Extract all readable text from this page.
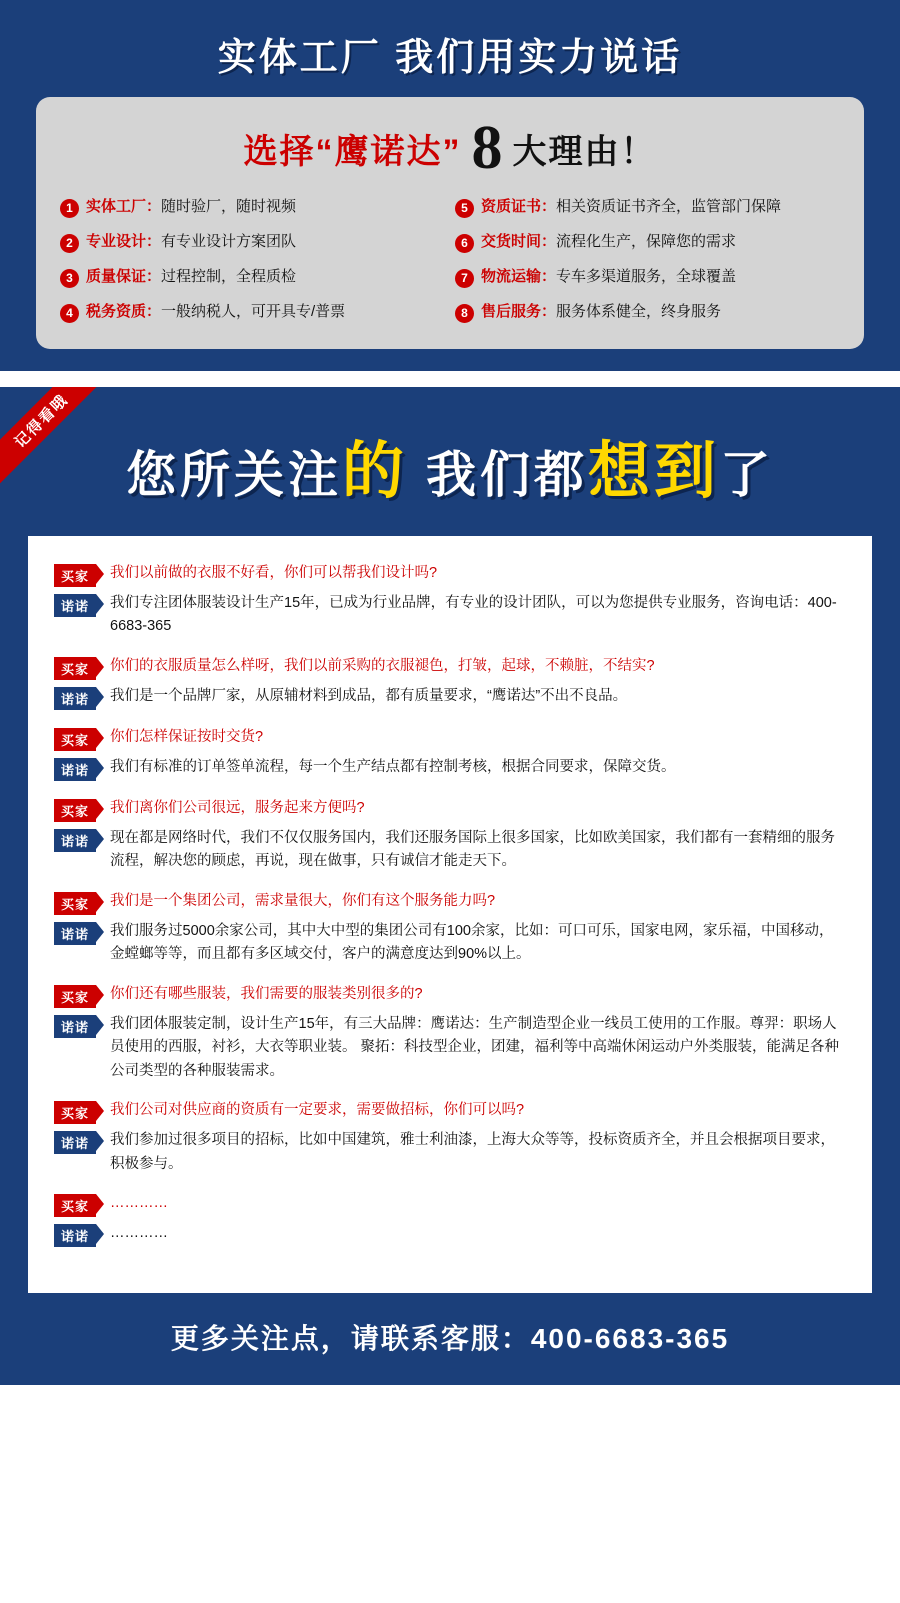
实体工厂 我们用实力说话
选择“鹰诺达” 8 大理由！
1 实体工厂：随时验厂，随时视频	5 资质证书：相关资质证书齐全，监管部门保障
2 专业设计：有专业设计方案团队	6 交货时间：流程化生产，保障您的需求
3 质量保证：过程控制，全程质检	7 物流运输：专车多渠道服务，全球覆盖
4 税务资质：一般纳税人，可开具专/普票	8 售后服务：服务体系健全，终身服务
记得看哦
您所关注的 我们都想到了
买家	我们以前做的衣服不好看，你们可以帮我们设计吗?
诺诺	我们专注团体服装设计生产15年，已成为行业品牌，有专业的设计团队，可以为您提供专业服务，咨询电话：400-6683-365
买家	你们的衣服质量怎么样呀，我们以前采购的衣服褪色，打皱，起球，不赖脏，不结实?
诺诺	我们是一个品牌厂家，从原辅材料到成品，都有质量要求，“鹰诺达”不出不良品。
买家	你们怎样保证按时交货?
诺诺	我们有标准的订单签单流程，每一个生产结点都有控制考核，根据合同要求，保障交货。
买家	我们离你们公司很远，服务起来方便吗?
诺诺	现在都是网络时代，我们不仅仅服务国内，我们还服务国际上很多国家，比如欧美国家，我们都有一套精细的服务流程，解决您的顾虑，再说，现在做事，只有诚信才能走天下。
买家	我们是一个集团公司，需求量很大，你们有这个服务能力吗?
诺诺	我们服务过5000余家公司，其中大中型的集团公司有100余家，比如：可口可乐，国家电网，家乐福，中国移动，金螳螂等等，而且都有多区域交付，客户的满意度达到90%以上。
买家	你们还有哪些服装，我们需要的服装类别很多的?
诺诺	我们团体服装定制，设计生产15年，有三大品牌：鹰诺达：生产制造型企业一线员工使用的工作服。尊羿：职场人员使用的西服，衬衫，大衣等职业装。 聚拓：科技型企业，团建，福利等中高端休闲运动户外类服装，能满足各种公司类型的各种服装需求。
买家	我们公司对供应商的资质有一定要求，需要做招标，你们可以吗?
诺诺	我们参加过很多项目的招标，比如中国建筑，雅士利油漆，上海大众等等，投标资质齐全，并且会根据项目要求，积极参与。
买家	…………
诺诺	…………
更多关注点，请联系客服：400-6683-365
